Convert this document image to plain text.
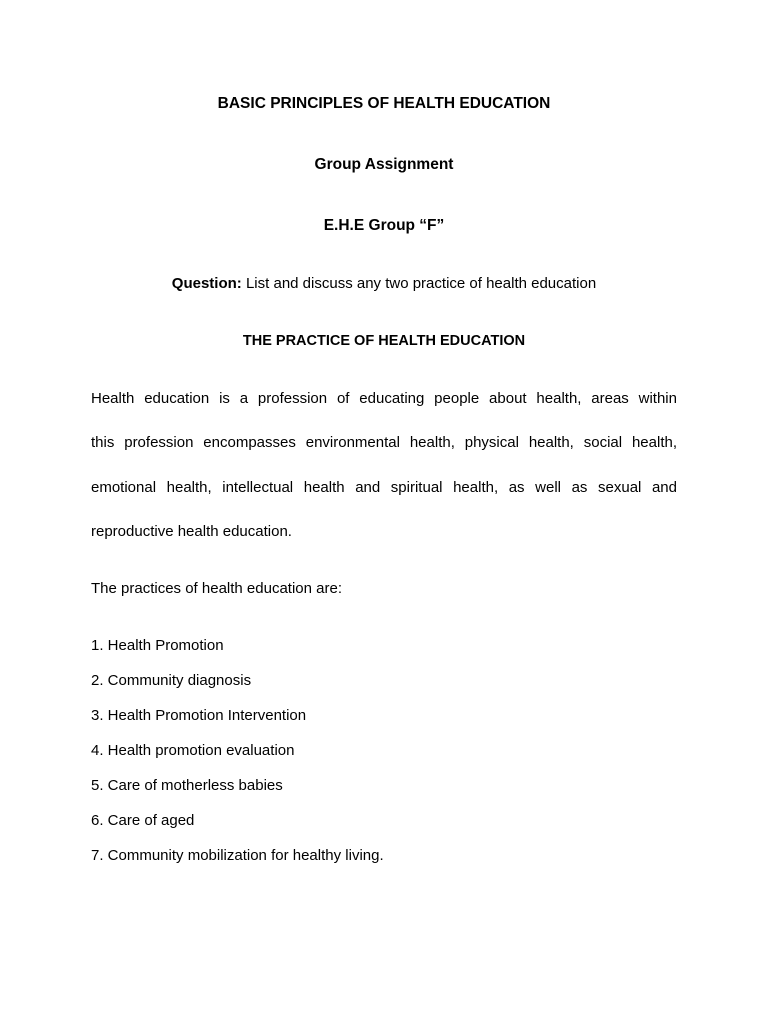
BASIC PRINCIPLES OF HEALTH EDUCATION
Group Assignment
E.H.E Group “F”
Question: List and discuss any two practice of health education
THE PRACTICE OF HEALTH EDUCATION
Health education is a profession of educating people about health, areas within
this profession encompasses environmental health, physical health, social health,
emotional health, intellectual health and spiritual health, as well as sexual and
reproductive health education.
The practices of health education are:
1. Health Promotion
2. Community diagnosis
3. Health Promotion Intervention
4. Health promotion evaluation
5. Care of motherless babies
6. Care of aged
7. Community mobilization for healthy living.
